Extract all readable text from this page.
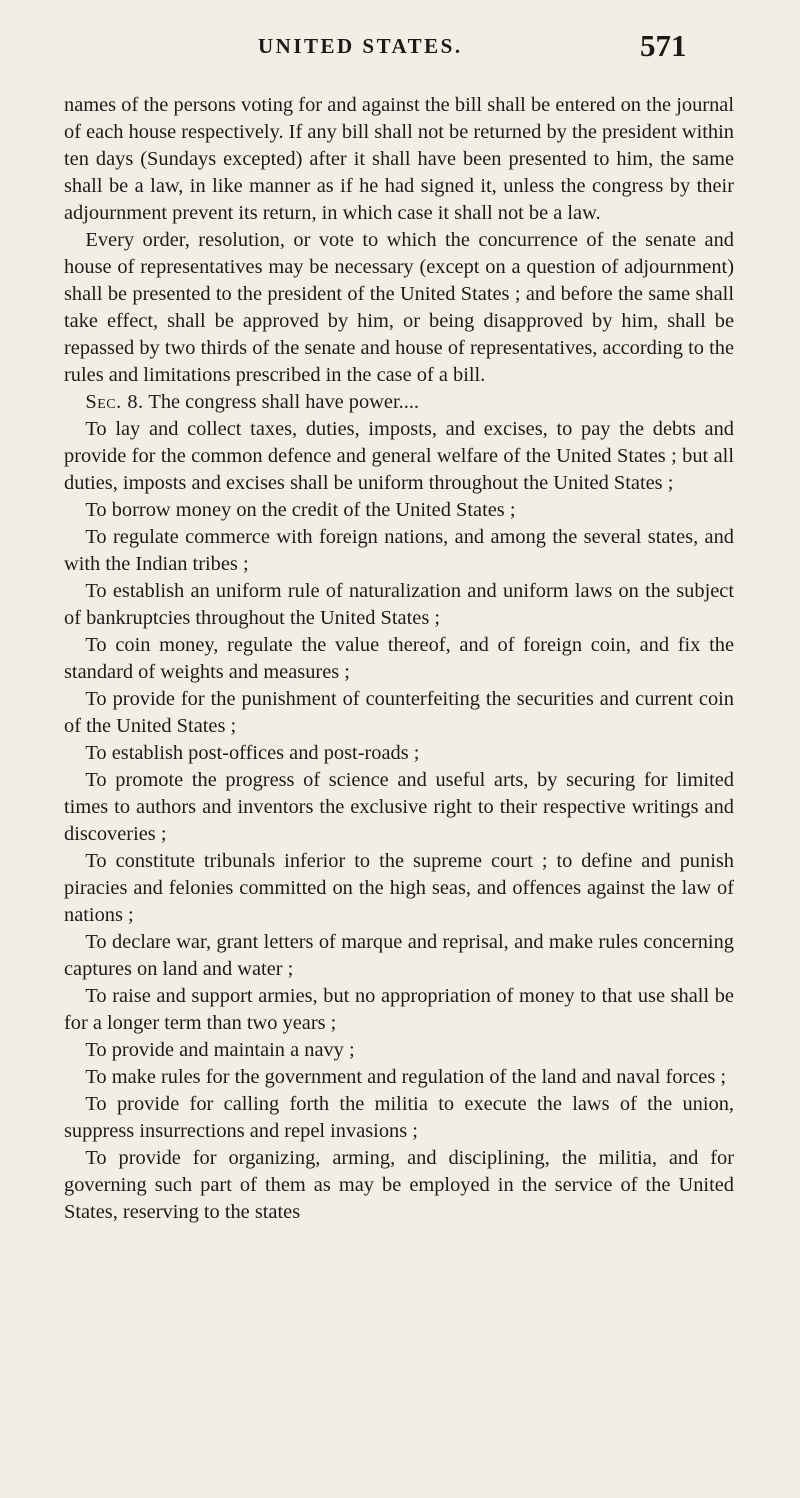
UNITED STATES.	571

names of the persons voting for and against the bill shall be entered on the journal of each house respectively. If any bill shall not be returned by the president within ten days (Sundays excepted) after it shall have been presented to him, the same shall be a law, in like manner as if he had signed it, unless the congress by their adjournment prevent its return, in which case it shall not be a law.

Every order, resolution, or vote to which the concurrence of the senate and house of representatives may be necessary (except on a question of adjournment) shall be presented to the president of the United States ; and before the same shall take effect, shall be approved by him, or being disapproved by him, shall be repassed by two thirds of the senate and house of representatives, according to the rules and limitations prescribed in the case of a bill.

Sec. 8. The congress shall have power....

To lay and collect taxes, duties, imposts, and excises, to pay the debts and provide for the common defence and general welfare of the United States ; but all duties, imposts and excises shall be uniform throughout the United States ;

To borrow money on the credit of the United States ;

To regulate commerce with foreign nations, and among the several states, and with the Indian tribes ;

To establish an uniform rule of naturalization and uniform laws on the subject of bankruptcies throughout the United States ;

To coin money, regulate the value thereof, and of foreign coin, and fix the standard of weights and measures ;

To provide for the punishment of counterfeiting the securities and current coin of the United States ;

To establish post-offices and post-roads ;

To promote the progress of science and useful arts, by securing for limited times to authors and inventors the exclusive right to their respective writings and discoveries ;

To constitute tribunals inferior to the supreme court ; to define and punish piracies and felonies committed on the high seas, and offences against the law of nations ;

To declare war, grant letters of marque and reprisal, and make rules concerning captures on land and water ;

To raise and support armies, but no appropriation of money to that use shall be for a longer term than two years ;

To provide and maintain a navy ;

To make rules for the government and regulation of the land and naval forces ;

To provide for calling forth the militia to execute the laws of the union, suppress insurrections and repel invasions ;

To provide for organizing, arming, and disciplining, the militia, and for governing such part of them as may be employed in the service of the United States, reserving to the states
